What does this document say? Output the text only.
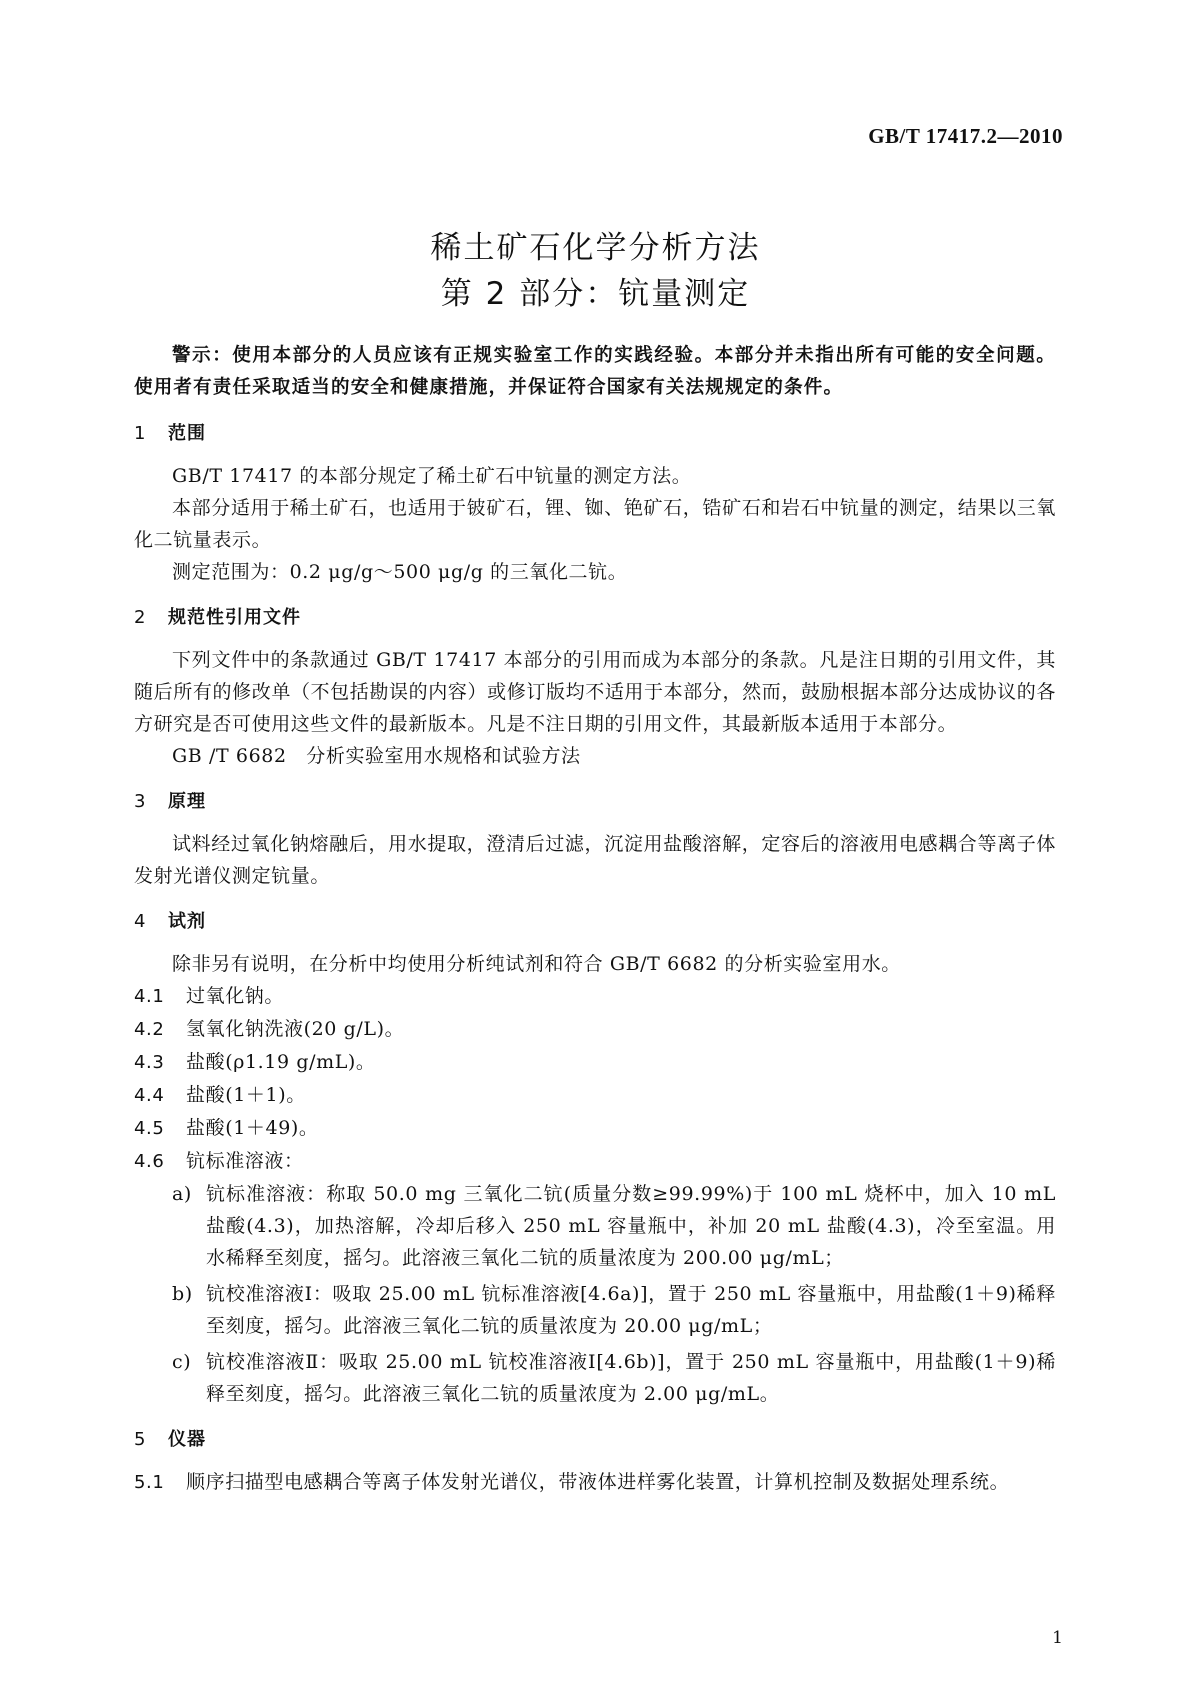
GB/T 17417.2—2010
稀土矿石化学分析方法
第 2 部分：钪量测定

警示：使用本部分的人员应该有正规实验室工作的实践经验。本部分并未指出所有可能的安全问题。使用者有责任采取适当的安全和健康措施，并保证符合国家有关法规规定的条件。

1 范围

GB/T 17417 的本部分规定了稀土矿石中钪量的测定方法。

本部分适用于稀土矿石，也适用于铍矿石，锂、铷、铯矿石，锆矿石和岩石中钪量的测定，结果以三氧化二钪量表示。

测定范围为：0.2 μg/g～500 μg/g 的三氧化二钪。

2 规范性引用文件

下列文件中的条款通过 GB/T 17417 本部分的引用而成为本部分的条款。凡是注日期的引用文件，其随后所有的修改单（不包括勘误的内容）或修订版均不适用于本部分，然而，鼓励根据本部分达成协议的各方研究是否可使用这些文件的最新版本。凡是不注日期的引用文件，其最新版本适用于本部分。

GB /T 6682　分析实验室用水规格和试验方法

3 原理

试料经过氧化钠熔融后，用水提取，澄清后过滤，沉淀用盐酸溶解，定容后的溶液用电感耦合等离子体发射光谱仪测定钪量。

4 试剂

除非另有说明，在分析中均使用分析纯试剂和符合 GB/T 6682 的分析实验室用水。

4.1 过氧化钠。

4.2 氢氧化钠洗液(20 g/L)。

4.3 盐酸(ρ1.19 g/mL)。

4.4 盐酸(1＋1)。

4.5 盐酸(1＋49)。

4.6 钪标准溶液：

a) 钪标准溶液：称取 50.0 mg 三氧化二钪(质量分数≥99.99%)于 100 mL 烧杯中，加入 10 mL 盐酸(4.3)，加热溶解，冷却后移入 250 mL 容量瓶中，补加 20 mL 盐酸(4.3)，冷至室温。用水稀释至刻度，摇匀。此溶液三氧化二钪的质量浓度为 200.00 μg/mL；
b) 钪校准溶液Ⅰ：吸取 25.00 mL 钪标准溶液[4.6a)]，置于 250 mL 容量瓶中，用盐酸(1＋9)稀释至刻度，摇匀。此溶液三氧化二钪的质量浓度为 20.00 μg/mL；
c) 钪校准溶液Ⅱ：吸取 25.00 mL 钪校准溶液Ⅰ[4.6b)]，置于 250 mL 容量瓶中，用盐酸(1＋9)稀释至刻度，摇匀。此溶液三氧化二钪的质量浓度为 2.00 μg/mL。
5 仪器

5.1 顺序扫描型电感耦合等离子体发射光谱仪，带液体进样雾化装置，计算机控制及数据处理系统。

1
